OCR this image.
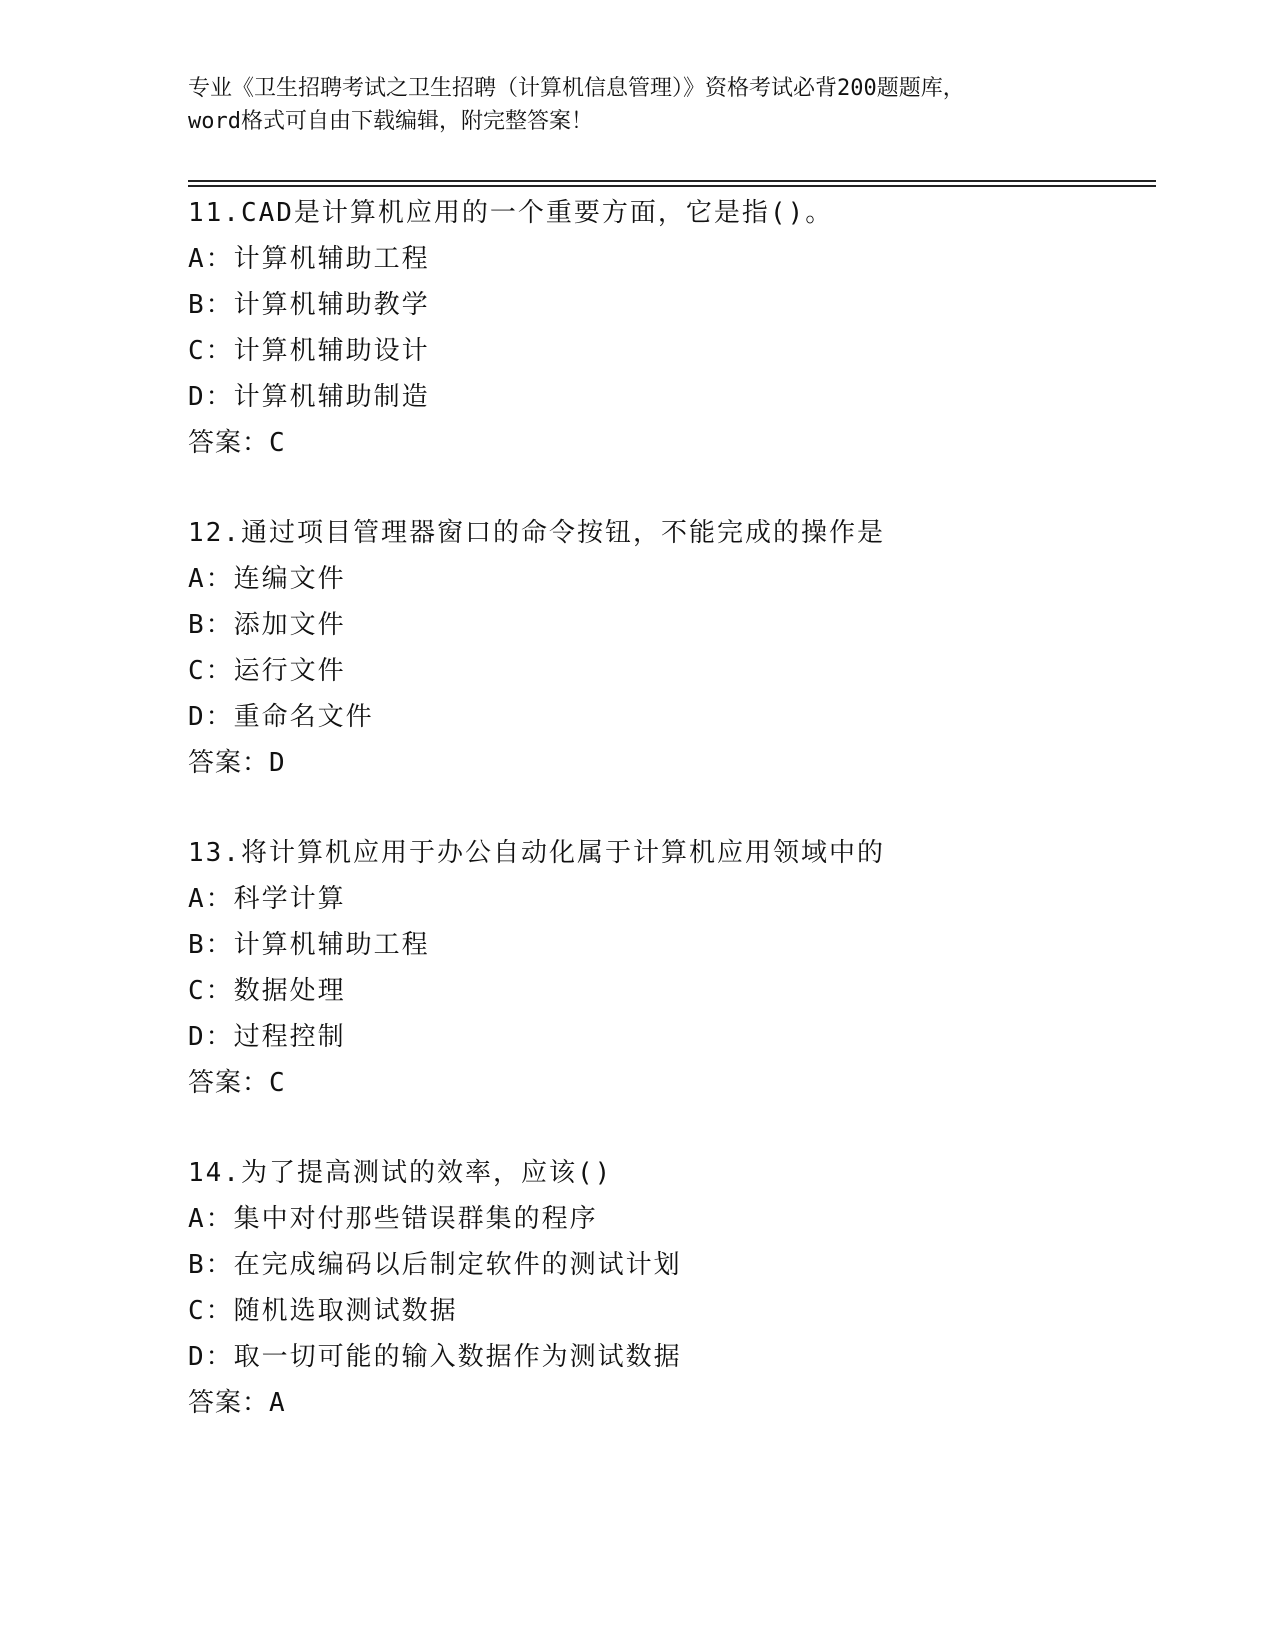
专业《卫生招聘考试之卫生招聘（计算机信息管理）》资格考试必背200题题库，
word格式可自由下载编辑，附完整答案！
11.CAD是计算机应用的一个重要方面，它是指()。
A：计算机辅助工程
B：计算机辅助教学
C：计算机辅助设计
D：计算机辅助制造
答案：C
12.通过项目管理器窗口的命令按钮，不能完成的操作是
A：连编文件
B：添加文件
C：运行文件
D：重命名文件
答案：D
13.将计算机应用于办公自动化属于计算机应用领域中的
A：科学计算
B：计算机辅助工程
C：数据处理
D：过程控制
答案：C
14.为了提高测试的效率，应该()
A：集中对付那些错误群集的程序
B：在完成编码以后制定软件的测试计划
C：随机选取测试数据
D：取一切可能的输入数据作为测试数据
答案：A
